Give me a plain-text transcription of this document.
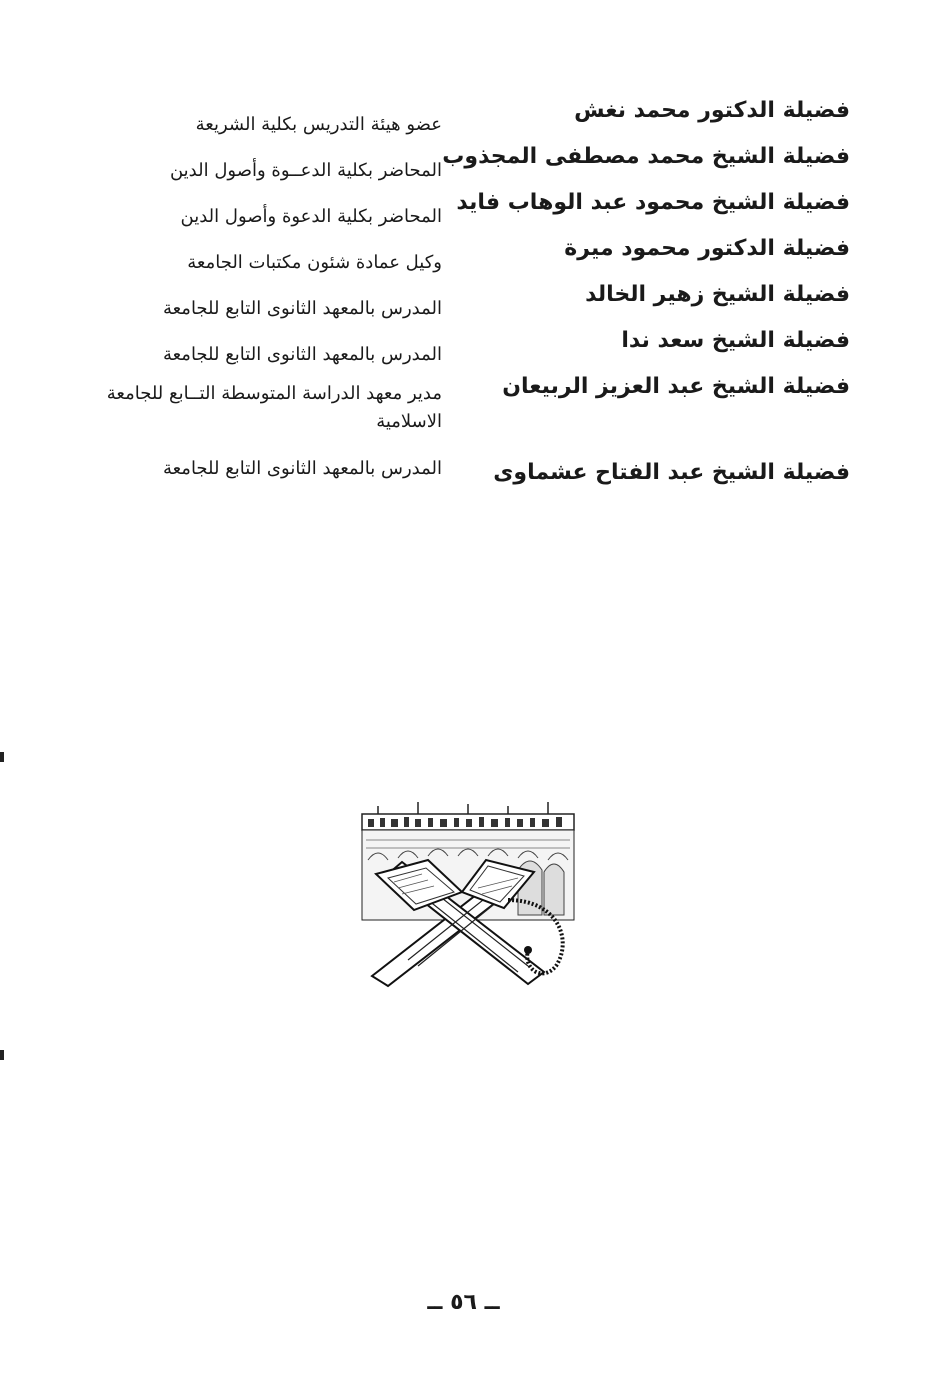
فضيلة الدكتور محمد نغش
فضيلة الشيخ محمد مصطفى المجذوب
فضيلة الشيخ محمود عبد الوهاب فايد
فضيلة الدكتور محمود ميرة
فضيلة الشيخ زهير الخالد
فضيلة الشيخ سعد ندا
فضيلة الشيخ عبد العزيز الربيعان
فضيلة الشيخ عبد الفتاح عشماوى
عضو هيئة التدريس بكلية الشريعة
المحاضر بكلية الدعــوة وأصول الدين
المحاضر بكلية الدعوة وأصول الدين
وكيل عمادة شئون مكتبات الجامعة
المدرس بالمعهد الثانوى التابع للجامعة
المدرس بالمعهد الثانوى التابع للجامعة
مدير معهد الدراسة المتوسطة التــابع للجامعة الاسلامية
المدرس بالمعهد الثانوى التابع للجامعة
ــ ٥٦ ــ
